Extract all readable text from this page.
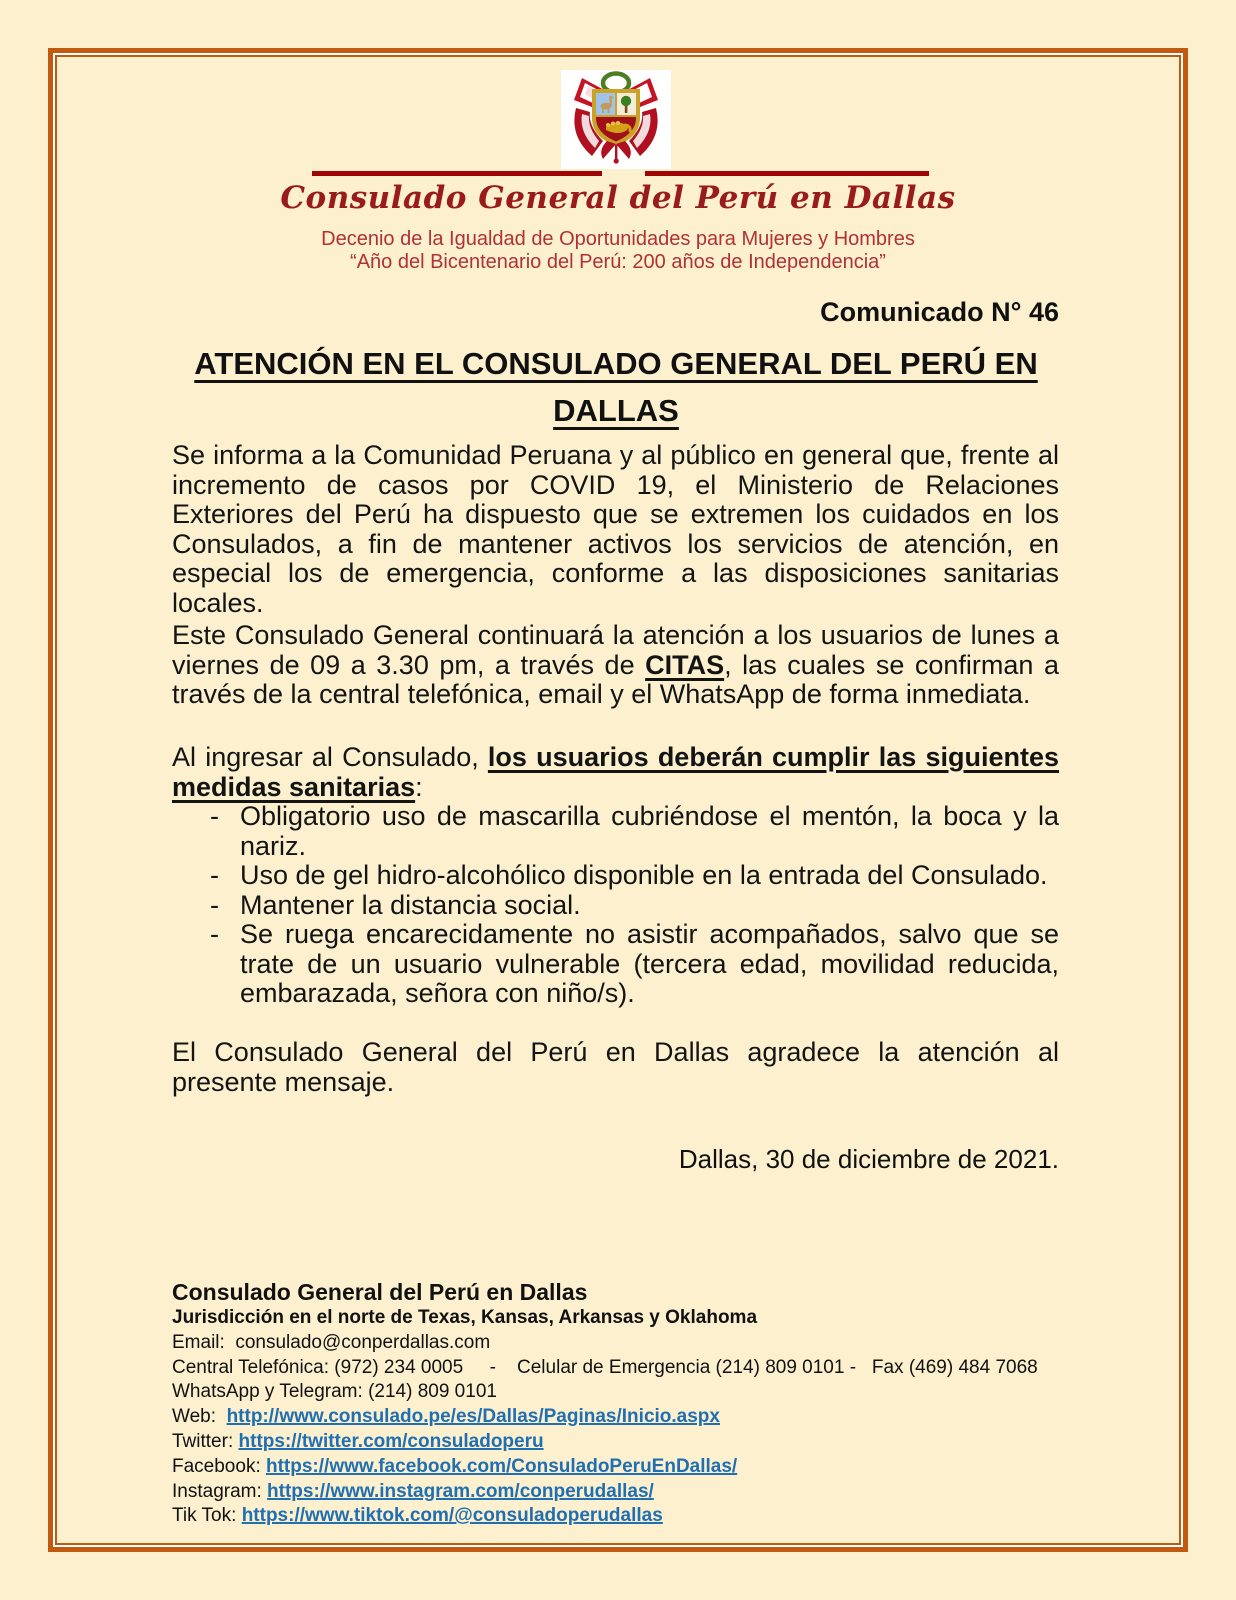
Consulado General del Perú en Dallas
Decenio de la Igualdad de Oportunidades para Mujeres y Hombres
“Año del Bicentenario del Perú: 200 años de Independencia”
Comunicado N° 46
ATENCIÓN EN EL CONSULADO GENERAL DEL PERÚ EN
DALLAS
Se informa a la Comunidad Peruana y al público en general que, frente al incremento de casos por COVID 19, el Ministerio de Relaciones Exteriores del Perú ha dispuesto que se extremen los cuidados en los Consulados, a fin de mantener activos los servicios de atención, en especial los de emergencia, conforme a las disposiciones sanitarias locales.
Este Consulado General continuará la atención a los usuarios de lunes a viernes de 09 a 3.30 pm, a través de CITAS, las cuales se confirman a través de la central telefónica, email y el WhatsApp de forma inmediata.
Al ingresar al Consulado, los usuarios deberán cumplir las siguientes medidas sanitarias:
- Obligatorio uso de mascarilla cubriéndose el mentón, la boca y la nariz.
- Uso de gel hidro-alcohólico disponible en la entrada del Consulado.
- Mantener la distancia social.
- Se ruega encarecidamente no asistir acompañados, salvo que se trate de un usuario vulnerable (tercera edad, movilidad reducida, embarazada, señora con niño/s).
El Consulado General del Perú en Dallas agradece la atención al presente mensaje.
Dallas, 30 de diciembre de 2021.
Consulado General del Perú en Dallas
Jurisdicción en el norte de Texas, Kansas, Arkansas y Oklahoma
Email:  consulado@conperdallas.com
Central Telefónica: (972) 234 0005     -    Celular de Emergencia (214) 809 0101 -   Fax (469) 484 7068
WhatsApp y Telegram: (214) 809 0101
Web:  http://www.consulado.pe/es/Dallas/Paginas/Inicio.aspx
Twitter: https://twitter.com/consuladoperu
Facebook: https://www.facebook.com/ConsuladoPeruEnDallas/
Instagram: https://www.instagram.com/conperudallas/
Tik Tok: https://www.tiktok.com/@consuladoperudallas
